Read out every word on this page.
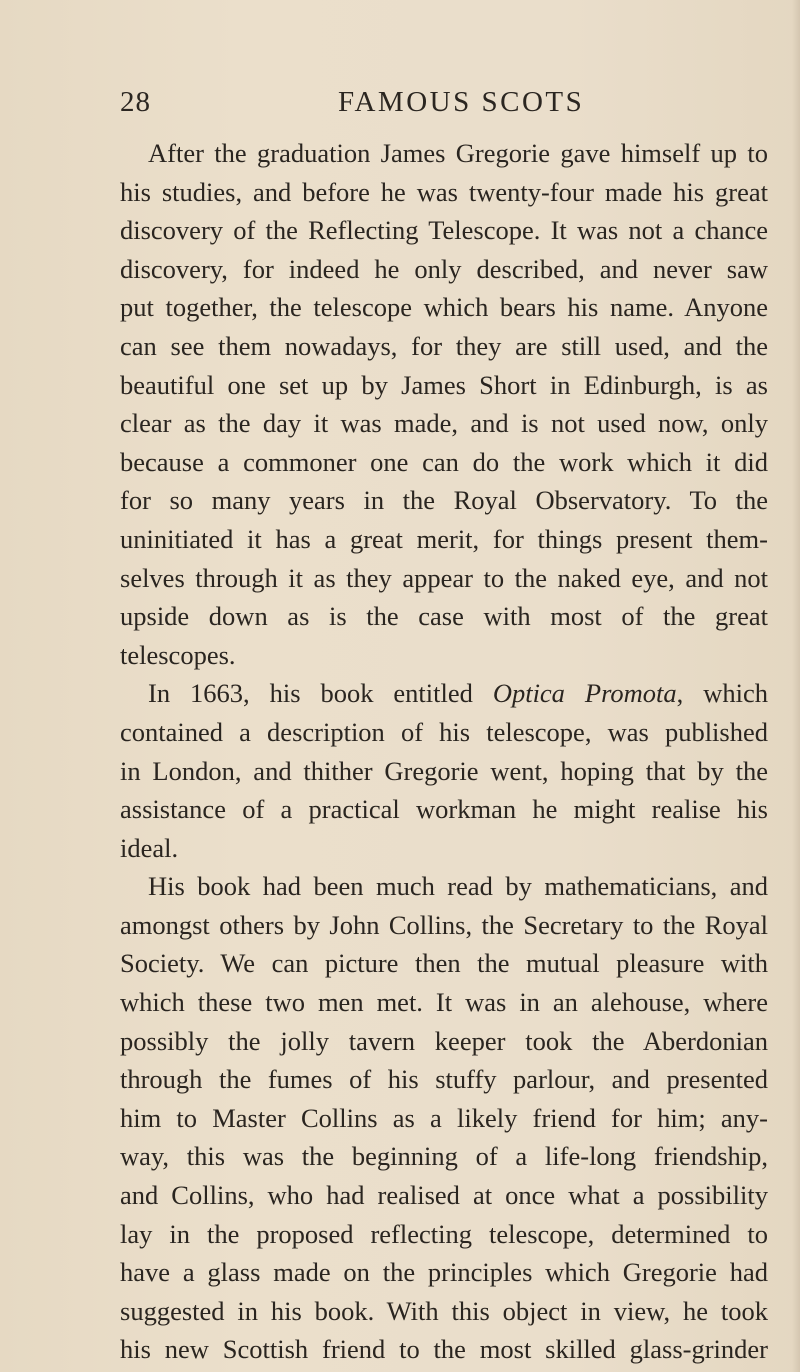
28	FAMOUS SCOTS
After the graduation James Gregorie gave himself up to
his studies, and before he was twenty-four made his great
discovery of the Reflecting Telescope. It was not a chance
discovery, for indeed he only described, and never saw
put together, the telescope which bears his name. Anyone
can see them nowadays, for they are still used, and the
beautiful one set up by James Short in Edinburgh, is as
clear as the day it was made, and is not used now, only
because a commoner one can do the work which it did
for so many years in the Royal Observatory. To the
uninitiated it has a great merit, for things present them-
selves through it as they appear to the naked eye, and not
upside down as is the case with most of the great
telescopes.
In 1663, his book entitled Optica Promota, which
contained a description of his telescope, was published
in London, and thither Gregorie went, hoping that by the
assistance of a practical workman he might realise his
ideal.
His book had been much read by mathematicians, and
amongst others by John Collins, the Secretary to the Royal
Society. We can picture then the mutual pleasure with
which these two men met. It was in an alehouse, where
possibly the jolly tavern keeper took the Aberdonian
through the fumes of his stuffy parlour, and presented
him to Master Collins as a likely friend for him; any-
way, this was the beginning of a life-long friendship,
and Collins, who had realised at once what a possibility
lay in the proposed reflecting telescope, determined to
have a glass made on the principles which Gregorie had
suggested in his book. With this object in view, he took
his new Scottish friend to the most skilled glass-grinder
